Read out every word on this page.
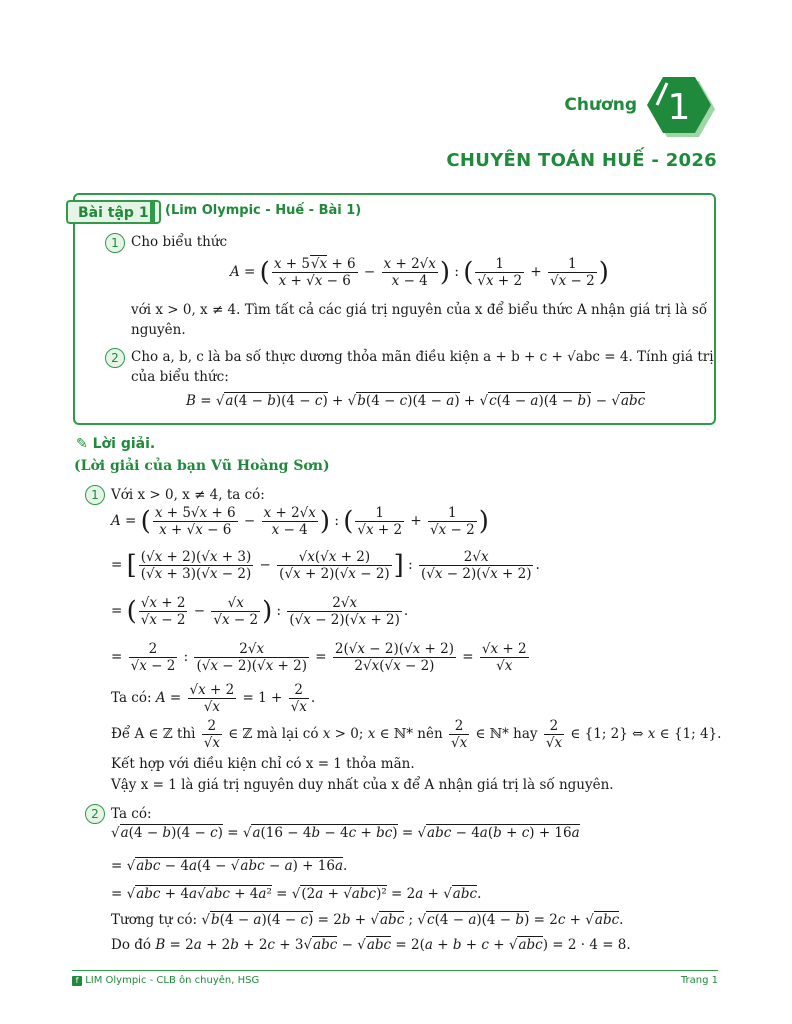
Chương 1
CHUYÊN TOÁN HUẾ - 2026
Bài tập 1	(Lim Olympic - Huế - Bài 1)
1 Cho biểu thức
A = ( $\frac{x + 5√x + 6}{x + √x - 6} - \frac{x + 2√x}{x - 4}$ ) : ( $\frac{1}{√x + 2} + \frac{1}{√x - 2}$ )
với x > 0, x ≠ 4. Tìm tất cả các giá trị nguyên của x để biểu thức A nhận giá trị là số
nguyên.
2 Cho a, b, c là ba số thực dương thỏa mãn điều kiện a + b + c + √abc = 4. Tính giá trị
của biểu thức:
B = √a(4 − b)(4 − c) + √b(4 − c)(4 − a) + √c(4 − a)(4 − b) − √abc
✎ Lời giải.
(Lời giải của bạn Vũ Hoàng Sơn)
1 Với x > 0, x ≠ 4, ta có:
A = ( $\frac{x + 5√x + 6}{x + √x - 6} - \frac{x + 2√x}{x - 4}$ ) : ( $\frac{1}{√x + 2} + \frac{1}{√x - 2}$ )
= [ $\frac{(√x + 2)(√x + 3)}{(√x + 3)(√x - 2)} - \frac{√x(√x + 2)}{(√x + 2)(√x - 2)}$ ] : $\frac{2√x}{(√x - 2)(√x + 2)}$ .
= ( $\frac{√x + 2}{√x - 2} - \frac{√x}{√x - 2}$ ) : $\frac{2√x}{(√x - 2)(√x + 2)}$ .
= $\frac{2}{√x - 2}$ : $\frac{2√x}{(√x - 2)(√x + 2)} = \frac{2(√x - 2)(√x + 2)}{2√x(√x - 2)} = \frac{√x + 2}{√x}$
Ta có: $A = \frac{√x + 2}{√x} = 1 + \frac{2}{√x}$ .
Để A ∈ ℤ thì $\frac{2}{√x}$ ∈ ℤ mà lại có x > 0; x ∈ ℕ* nên $\frac{2}{√x}$ ∈ ℕ* hay $\frac{2}{√x}$ ∈ {1; 2} ⇔ x ∈ {1; 4}.
Kết hợp với điều kiện chỉ có x = 1 thỏa mãn.
Vậy x = 1 là giá trị nguyên duy nhất của x để A nhận giá trị là số nguyên.
2 Ta có:
√a(4 − b)(4 − c) = √a(16 − 4b − 4c + bc) = √abc − 4a(b + c) + 16a
= √abc − 4a(4 − √abc − a) + 16a.
= √abc + 4a√abc + 4a² = √(2a + √abc)² = 2a + √abc.
Tương tự có: √b(4 − a)(4 − c) = 2b + √abc ; √c(4 − a)(4 − b) = 2c + √abc.
Do đó B = 2a + 2b + 2c + 3√abc − √abc = 2(a + b + c + √abc) = 2 · 4 = 8.
f LIM Olympic - CLB ôn chuyên, HSG	Trang 1
